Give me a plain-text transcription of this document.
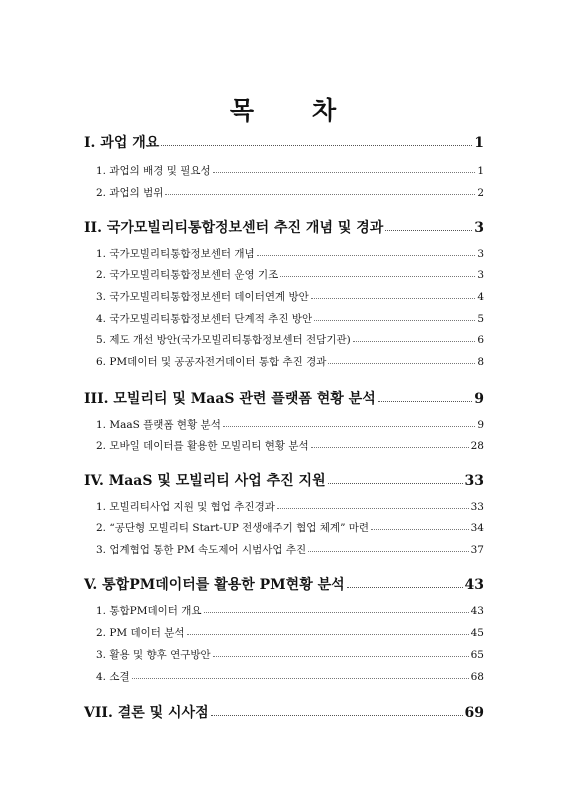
목차
I. 과업 개요	1
1. 과업의 배경 및 필요성	1
2. 과업의 범위	2
II. 국가모빌리티통합정보센터 추진 개념 및 경과	3
1. 국가모빌리티통합정보센터 개념	3
2. 국가모빌리티통합정보센터 운영 기조	3
3. 국가모빌리티통합정보센터 데이터연계 방안	4
4. 국가모빌리티통합정보센터 단계적 추진 방안	5
5. 제도 개선 방안(국가모빌리티통합정보센터 전담기관)	6
6. PM데이터 및 공공자전거데이터 통합 추진 경과	8
III. 모빌리티 및 MaaS 관련 플랫폼 현황 분석	9
1. MaaS 플랫폼 현황 분석	9
2. 모바일 데이터를 활용한 모빌리티 현황 분석	28
IV. MaaS 및 모빌리티 사업 추진 지원	33
1. 모빌리티사업 지원 및 협업 추진경과	33
2. “공단형 모빌리티 Start-UP 전생애주기 협업 체계” 마련	34
3. 업계협업 통한 PM 속도제어 시범사업 추진	37
V. 통합PM데이터를 활용한 PM현황 분석	43
1. 통합PM데이터 개요	43
2. PM 데이터 분석	45
3. 활용 및 향후 연구방안	65
4. 소결	68
VII. 결론 및 시사점	69
